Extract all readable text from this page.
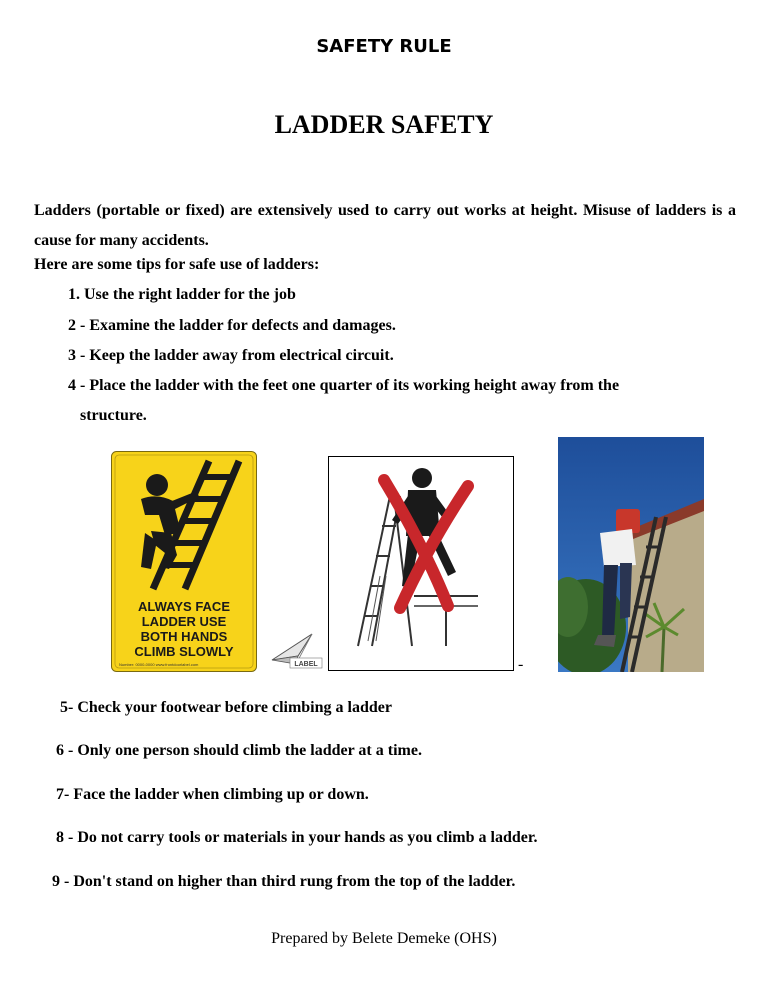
SAFETY RULE
LADDER SAFETY
Ladders (portable or fixed) are extensively used to carry out works at height. Misuse of ladders is a cause for many accidents.
Here are some tips for safe use of ladders:
1. Use the right ladder for the job
2 - Examine the ladder for defects and damages.
3 - Keep the ladder away from electrical circuit.
4 - Place the ladder with the feet one quarter of its working height away from the
structure.
ALWAYS FACE
LADDER USE
BOTH HANDS
CLIMB SLOWLY
Number: 0000-0000 www.frontdoorlabel.com	LABEL	-
5- Check your footwear before climbing a ladder
6 - Only one person should climb the ladder at a time.
7- Face the ladder when climbing up or down.
8 - Do not carry tools or materials in your hands as you climb a ladder.
9 - Don't stand on higher than third rung from the top of the ladder.
Prepared by Belete Demeke (OHS)
